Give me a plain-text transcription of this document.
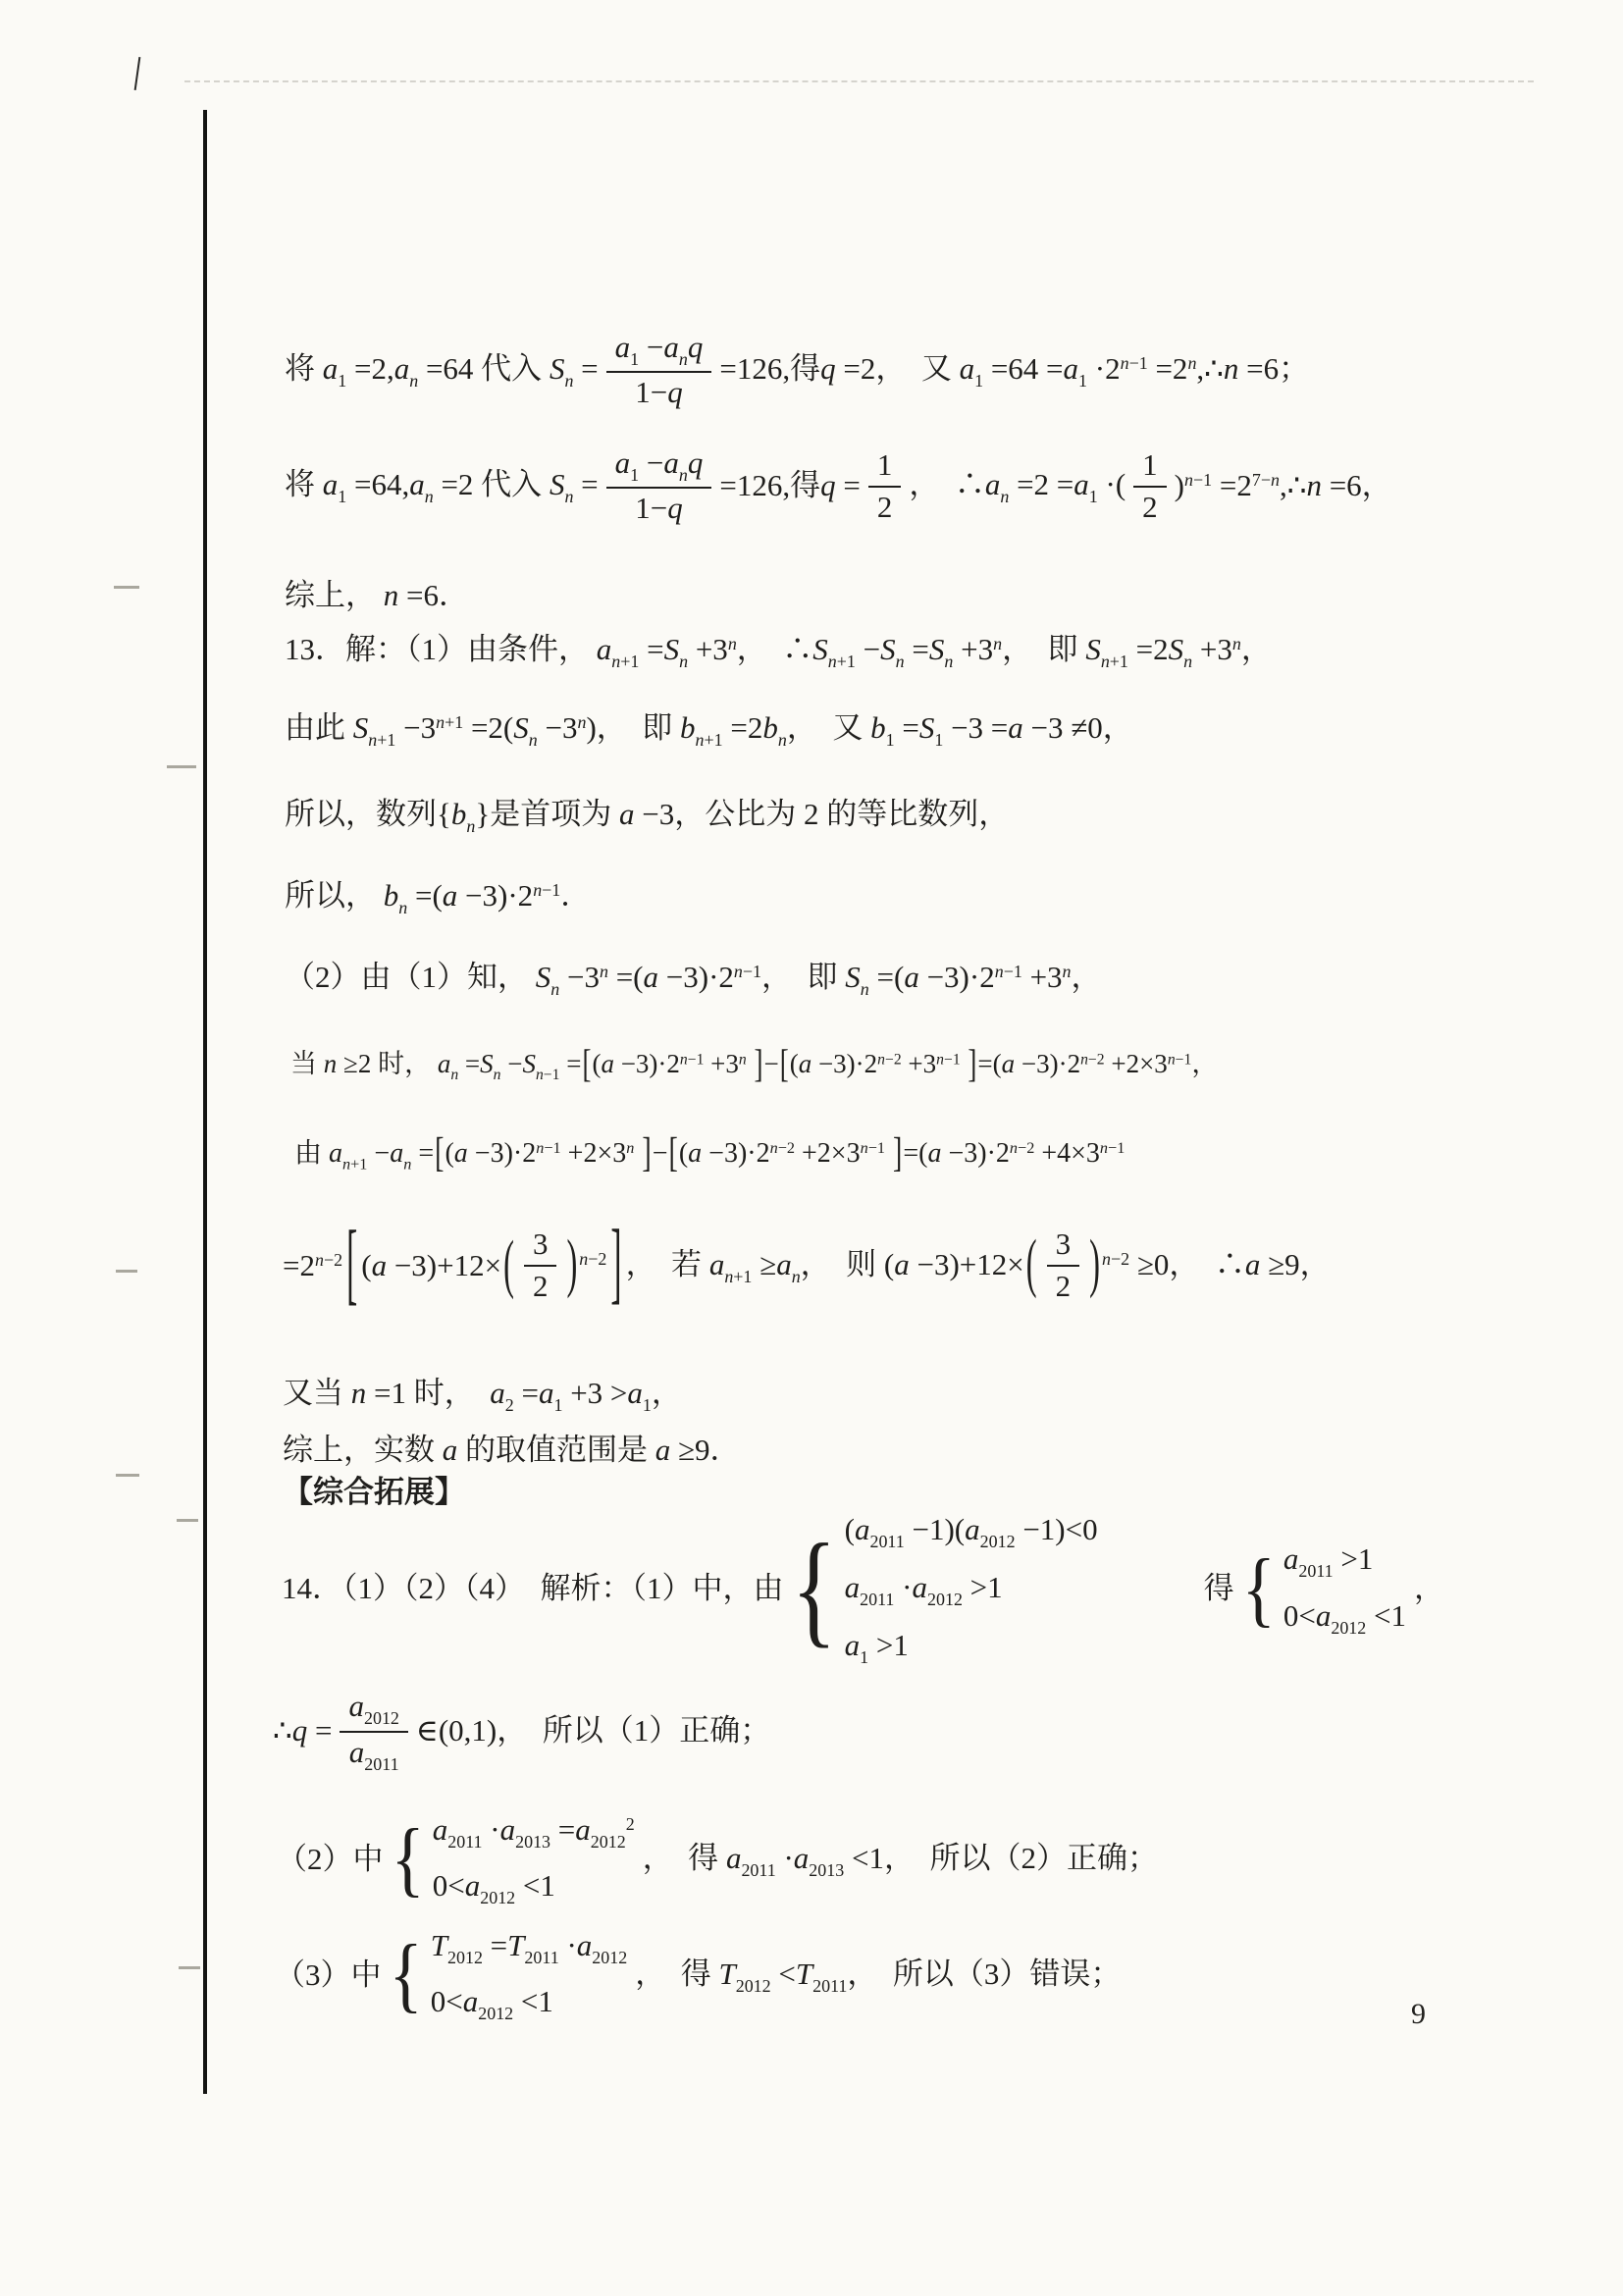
将 $a_1 =2,a_n =64$ 代入 $S_n = \frac{a_1 -a_nq}{1-q} =126$,得q =2，  又 $a_1 =64 =a_1 \cdot 2^{n-1}$ $=2^n,\therefore n =6$；
将 $a_1 =64,a_n =2$ 代入 $S_n = \frac{a_1 -a_nq}{1-q} =126$,得$q = \frac{1}{2}$ ，  $\therefore a_n =2 =a_1$ ·( $\frac{1}{2} )^{n-1}$ $=2^{7-n},\therefore n =6$，
综上， n =6．
13．解：（1）由条件， $a_{n+1} =S_n +3^n$，  $\therefore S_{n+1} -S_n =S_n +3^n$，  即 $S_{n+1} =2S_n +3^n$，
由此 $S_{n+1} -3^{n+1} =2(S_n -3^n)$，  即 $b_{n+1} =2b_n$，  又 $b_1 =S_1 -3 =a -3 \ne 0$，
所以，数列$\{b_n\}$是首项为 a −3，公比为 2 的等比数列，
所以， $b_n =(a -3)\cdot 2^{n-1}$．
（2）由（1）知， $S_n -3^n =(a -3)\cdot 2^{n-1}$，  即 $S_n =(a -3)\cdot 2^{n-1} +3^n$，
当 n ≥2 时， $a_n =S_n -S_{n-1} =[(a -3)\cdot 2^{n-1} +3^n$ ]$-[(a -3)\cdot 2^{n-2} +3^{n-1}$ ]$=(a -3)\cdot 2^{n-2} +2\times 3^{n-1}$，
由 $a_{n+1} -a_n =[(a -3)\cdot 2^{n-1} +2\times 3^n$ ]$-[(a -3)\cdot 2^{n-2} +2\times 3^{n-1}$ ]$=(a -3)\cdot 2^{n-2} +4\times 3^{n-1}$
$=2^{n-2}$ [ $(a -3)+12\times( \frac{3}{2}$ ) $^{n-2}$ ] ，  若 $a_{n+1} \ge a_n$，  则 $(a -3)+12\times( \frac{3}{2}$ ) $^{n-2}$ ≥0，  ∴a ≥9，
又当 n =1 时，  $a_2 =a_1 +3 >a_1$，
综上，实数 a 的取值范围是 a ≥9．
【综合拓展】
14．（1）（2）（4）  解析：（1）中，由 { $(a_{2011} -1)(a_{2012} -1)<0$
$a_{2011} \cdot a_{2012} >1$
$a_1 >1$
得 { $a_{2011} >1$
$0<a_{2012} <1$
，
∴q = $\frac{a_{2012}}{a_{2011}}$ ∈(0,1)，  所以（1）正确；
（2）中 { $a_{2011} \cdot a_{2013} =a_{2012}^2$
$0<a_{2012} <1$
，  得 $a_{2011} \cdot a_{2013} <1$，  所以（2）正确；
（3）中 { $T_{2012} =T_{2011} \cdot a_{2012}$
$0<a_{2012} <1$
，  得 $T_{2012} <T_{2011}$，  所以（3）错误；
9
